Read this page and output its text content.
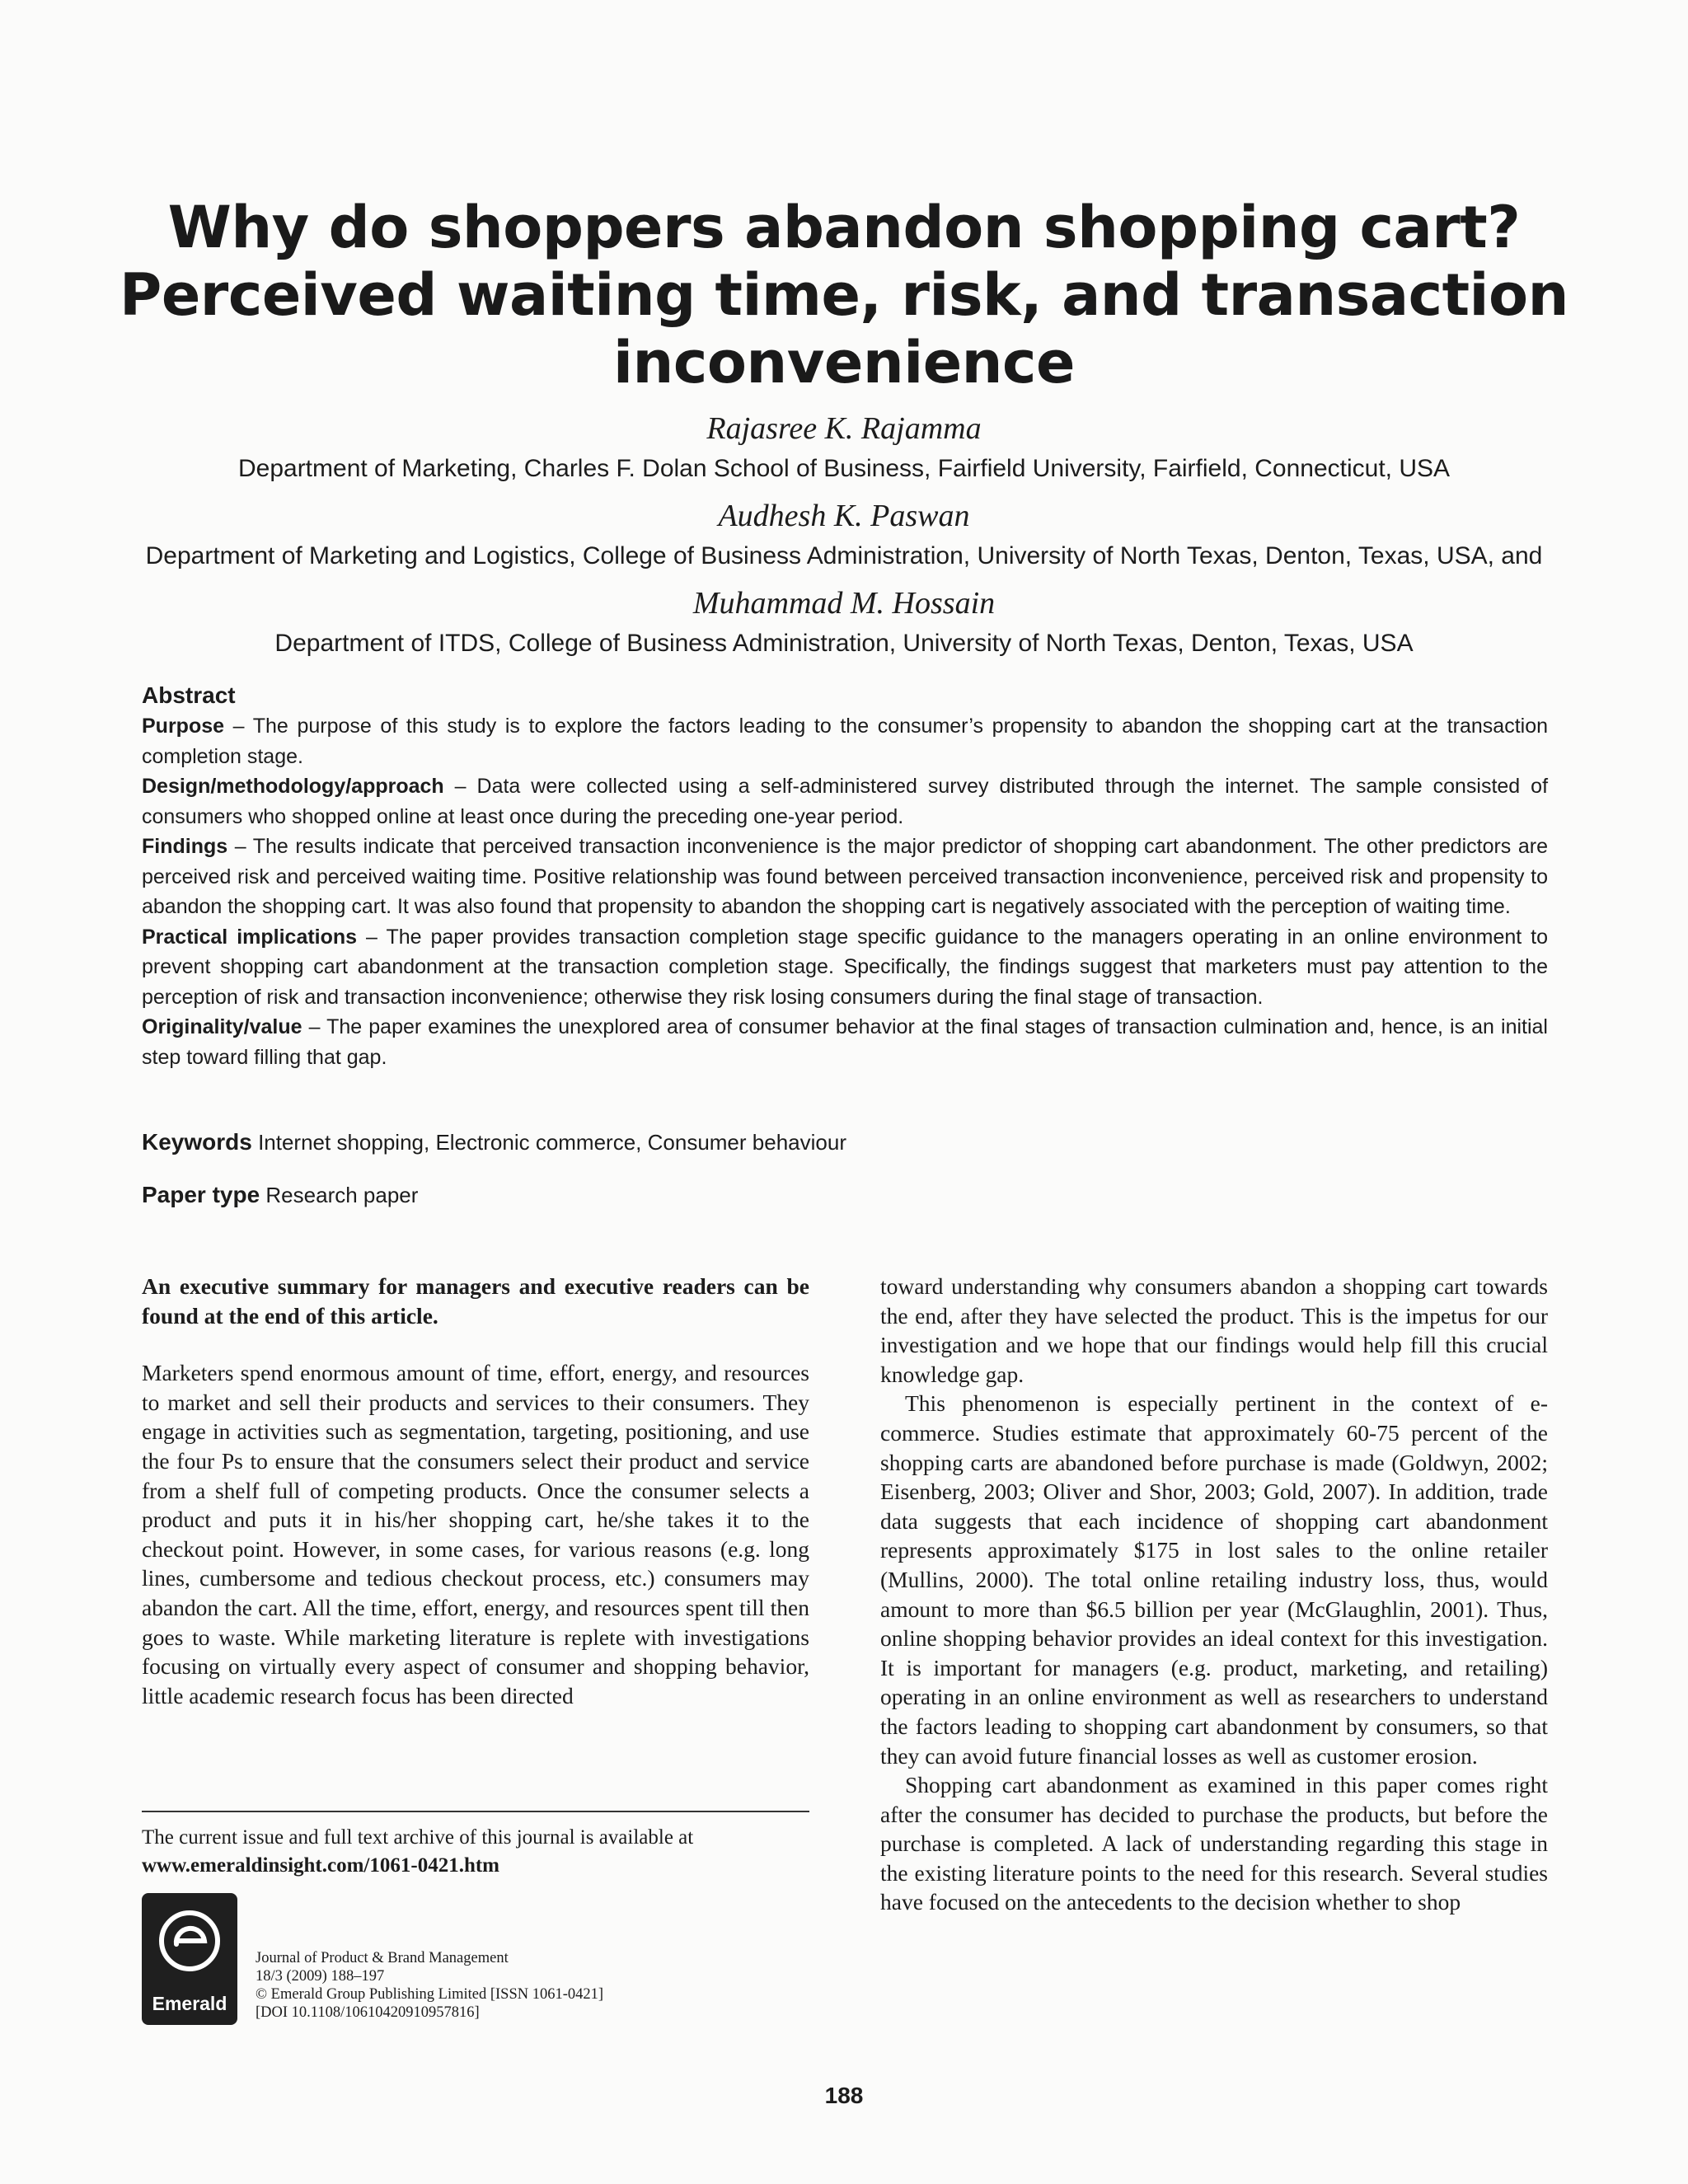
Why do shoppers abandon shopping cart?
Perceived waiting time, risk, and transaction
inconvenience
Rajasree K. Rajamma
Department of Marketing, Charles F. Dolan School of Business, Fairfield University, Fairfield, Connecticut, USA
Audhesh K. Paswan
Department of Marketing and Logistics, College of Business Administration, University of North Texas, Denton, Texas, USA, and
Muhammad M. Hossain
Department of ITDS, College of Business Administration, University of North Texas, Denton, Texas, USA
Abstract

Purpose – The purpose of this study is to explore the factors leading to the consumer’s propensity to abandon the shopping cart at the transaction completion stage.

Design/methodology/approach – Data were collected using a self-administered survey distributed through the internet. The sample consisted of consumers who shopped online at least once during the preceding one-year period.

Findings – The results indicate that perceived transaction inconvenience is the major predictor of shopping cart abandonment. The other predictors are perceived risk and perceived waiting time. Positive relationship was found between perceived transaction inconvenience, perceived risk and propensity to abandon the shopping cart. It was also found that propensity to abandon the shopping cart is negatively associated with the perception of waiting time.

Practical implications – The paper provides transaction completion stage specific guidance to the managers operating in an online environment to prevent shopping cart abandonment at the transaction completion stage. Specifically, the findings suggest that marketers must pay attention to the perception of risk and transaction inconvenience; otherwise they risk losing consumers during the final stage of transaction.

Originality/value – The paper examines the unexplored area of consumer behavior at the final stages of transaction culmination and, hence, is an initial step toward filling that gap.

Keywords Internet shopping, Electronic commerce, Consumer behaviour
Paper type Research paper

An executive summary for managers and executive readers can be found at the end of this article.

Marketers spend enormous amount of time, effort, energy, and resources to market and sell their products and services to their consumers. They engage in activities such as segmentation, targeting, positioning, and use the four Ps to ensure that the consumers select their product and service from a shelf full of competing products. Once the consumer selects a product and puts it in his/her shopping cart, he/she takes it to the checkout point. However, in some cases, for various reasons (e.g. long lines, cumbersome and tedious checkout process, etc.) consumers may abandon the cart. All the time, effort, energy, and resources spent till then goes to waste. While marketing literature is replete with investigations focusing on virtually every aspect of consumer and shopping behavior, little academic research focus has been directed

toward understanding why consumers abandon a shopping cart towards the end, after they have selected the product. This is the impetus for our investigation and we hope that our findings would help fill this crucial knowledge gap.

This phenomenon is especially pertinent in the context of e-commerce. Studies estimate that approximately 60-75 percent of the shopping carts are abandoned before purchase is made (Goldwyn, 2002; Eisenberg, 2003; Oliver and Shor, 2003; Gold, 2007). In addition, trade data suggests that each incidence of shopping cart abandonment represents approximately $175 in lost sales to the online retailer (Mullins, 2000). The total online retailing industry loss, thus, would amount to more than $6.5 billion per year (McGlaughlin, 2001). Thus, online shopping behavior provides an ideal context for this investigation. It is important for managers (e.g. product, marketing, and retailing) operating in an online environment as well as researchers to understand the factors leading to shopping cart abandonment by consumers, so that they can avoid future financial losses as well as customer erosion.

Shopping cart abandonment as examined in this paper comes right after the consumer has decided to purchase the products, but before the purchase is completed. A lack of understanding regarding this stage in the existing literature points to the need for this research. Several studies have focused on the antecedents to the decision whether to shop

The current issue and full text archive of this journal is available at
www.emeraldinsight.com/1061-0421.htm
Emerald
Journal of Product & Brand Management
18/3 (2009) 188–197
© Emerald Group Publishing Limited [ISSN 1061-0421]
[DOI 10.1108/10610420910957816]
188
